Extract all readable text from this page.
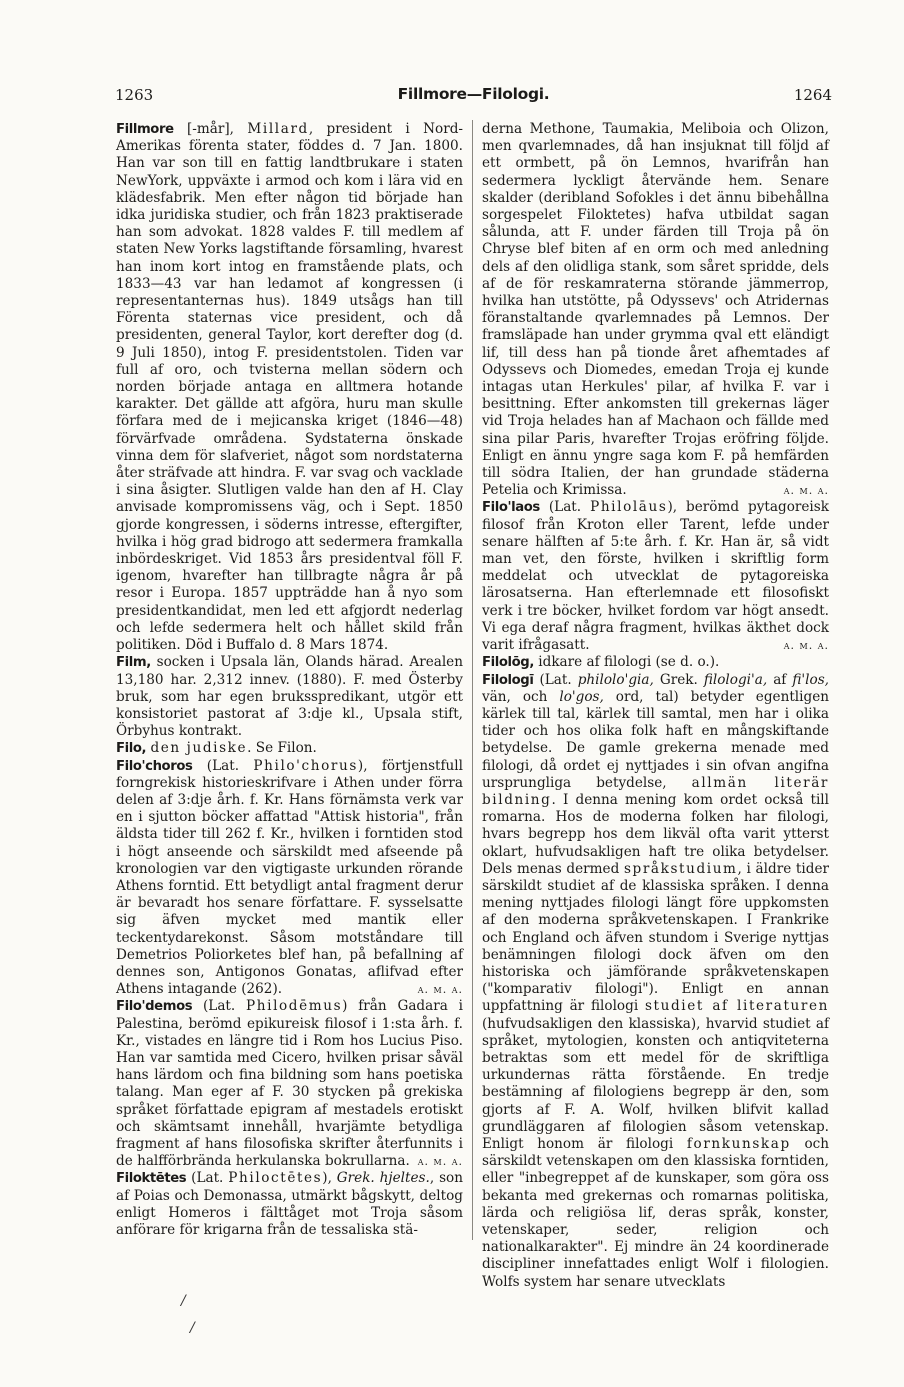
1263	Fillmore—Filologi.	1264

Fillmore [-mår], Millard, president i Nord-Amerikas förenta stater, föddes d. 7 Jan. 1800. Han var son till en fattig landtbrukare i staten NewYork, uppväxte i armod och kom i lära vid en klädesfabrik. Men efter någon tid började han idka juridiska studier, och från 1823 praktiserade han som advokat. 1828 valdes F. till medlem af staten New Yorks lagstiftande församling, hvarest han inom kort intog en framstående plats, och 1833—43 var han ledamot af kongressen (i representanternas hus). 1849 utsågs han till Förenta staternas vice president, och då presidenten, general Taylor, kort derefter dog (d. 9 Juli 1850), intog F. presidentstolen. Tiden var full af oro, och tvisterna mellan södern och norden började antaga en alltmera hotande karakter. Det gällde att afgöra, huru man skulle förfara med de i mejicanska kriget (1846—48) förvärfvade områdena. Sydstaterna önskade vinna dem för slafveriet, något som nordstaterna åter sträfvade att hindra. F. var svag och vacklade i sina åsigter. Slutligen valde han den af H. Clay anvisade kompromissens väg, och i Sept. 1850 gjorde kongressen, i söderns intresse, eftergifter, hvilka i hög grad bidrogo att sedermera framkalla inbördeskriget. Vid 1853 års presidentval föll F. igenom, hvarefter han tillbragte några år på resor i Europa. 1857 uppträdde han å nyo som presidentkandidat, men led ett afgjordt nederlag och lefde sedermera helt och hållet skild från politiken. Död i Buffalo d. 8 Mars 1874.

Film, socken i Upsala län, Olands härad. Arealen 13,180 har. 2,312 innev. (1880). F. med Österby bruk, som har egen bruksspredikant, utgör ett konsistoriet pastorat af 3:dje kl., Upsala stift, Örbyhus kontrakt.

Filo, den judiske. Se Filon.

Filo'choros (Lat. Philo'chorus), förtjenstfull forngrekisk historieskrifvare i Athen under förra delen af 3:dje årh. f. Kr. Hans förnämsta verk var en i sjutton böcker affattad "Attisk historia", från äldsta tider till 262 f. Kr., hvilken i forntiden stod i högt anseende och särskildt med afseende på kronologien var den vigtigaste urkunden rörande Athens forntid. Ett betydligt antal fragment derur är bevaradt hos senare författare. F. sysselsatte sig äfven mycket med mantik eller teckentydarekonst. Såsom motståndare till Demetrios Poliorketes blef han, på befallning af dennes son, Antigonos Gonatas, aflifvad efter Athens intagande (262).	a. m. a.

Filo'demos (Lat. Philodēmus) från Gadara i Palestina, berömd epikureisk filosof i 1:sta årh. f. Kr., vistades en längre tid i Rom hos Lucius Piso. Han var samtida med Cicero, hvilken prisar såväl hans lärdom och fina bildning som hans poetiska talang. Man eger af F. 30 stycken på grekiska språket författade epigram af mestadels erotiskt och skämtsamt innehåll, hvarjämte betydliga fragment af hans filosofiska skrifter återfunnits i de halfförbrända herkulanska bokrullarna. a. m. a.

Filoktētes (Lat. Philoctētes), Grek. hjeltes., son af Poias och Demonassa, utmärkt bågskytt, deltog enligt Homeros i fälttåget mot Troja såsom anförare för krigarna från de tessaliska stä-

derna Methone, Taumakia, Meliboia och Olizon, men qvarlemnades, då han insjuknat till följd af ett ormbett, på ön Lemnos, hvarifrån han sedermera lyckligt återvände hem. Senare skalder (deribland Sofokles i det ännu bibehållna sorgespelet Filoktetes) hafva utbildat sagan sålunda, att F. under färden till Troja på ön Chryse blef biten af en orm och med anledning dels af den olidliga stank, som såret spridde, dels af de för reskamraterna störande jämmerrop, hvilka han utstötte, på Odyssevs' och Atridernas föranstaltande qvarlemnades på Lemnos. Der framsläpade han under grymma qval ett eländigt lif, till dess han på tionde året afhemtades af Odyssevs och Diomedes, emedan Troja ej kunde intagas utan Herkules' pilar, af hvilka F. var i besittning. Efter ankomsten till grekernas läger vid Troja helades han af Machaon och fällde med sina pilar Paris, hvarefter Trojas eröfring följde. Enligt en ännu yngre saga kom F. på hemfärden till södra Italien, der han grundade städerna Petelia och Krimissa.	a. m. a.

Filo'laos (Lat. Philolāus), berömd pytagoreisk filosof från Kroton eller Tarent, lefde under senare hälften af 5:te årh. f. Kr. Han är, så vidt man vet, den förste, hvilken i skriftlig form meddelat och utvecklat de pytagoreiska lärosatserna. Han efterlemnade ett filosofiskt verk i tre böcker, hvilket fordom var högt ansedt. Vi ega deraf några fragment, hvilkas äkthet dock varit ifrågasatt.	a. m. a.

Filolōg, idkare af filologi (se d. o.).

Filologī (Lat. philolo'gia, Grek. filologi'a, af fi'los, vän, och lo'gos, ord, tal) betyder egentligen kärlek till tal, kärlek till samtal, men har i olika tider och hos olika folk haft en mångskiftande betydelse. De gamle grekerna menade med filologi, då ordet ej nyttjades i sin ofvan angifna ursprungliga betydelse, allmän literär bildning. I denna mening kom ordet också till romarna. Hos de moderna folken har filologi, hvars begrepp hos dem likväl ofta varit ytterst oklart, hufvudsakligen haft tre olika betydelser. Dels menas dermed språkstudium, i äldre tider särskildt studiet af de klassiska språken. I denna mening nyttjades filologi längt före uppkomsten af den moderna språkvetenskapen. I Frankrike och England och äfven stundom i Sverige nyttjas benämningen filologi dock äfven om den historiska och jämförande språkvetenskapen ("komparativ filologi"). Enligt en annan uppfattning är filologi studiet af literaturen (hufvudsakligen den klassiska), hvarvid studiet af språket, mytologien, konsten och antiqviteterna betraktas som ett medel för de skriftliga urkundernas rätta förstående. En tredje bestämning af filologiens begrepp är den, som gjorts af F. A. Wolf, hvilken blifvit kallad grundläggaren af filologien såsom vetenskap. Enligt honom är filologi fornkunskap och särskildt vetenskapen om den klassiska forntiden, eller "inbegreppet af de kunskaper, som göra oss bekanta med grekernas och romarnas politiska, lärda och religiösa lif, deras språk, konster, vetenskaper, seder, religion och nationalkarakter". Ej mindre än 24 koordinerade discipliner innefattades enligt Wolf i filologien. Wolfs system har senare utvecklats

/
/
